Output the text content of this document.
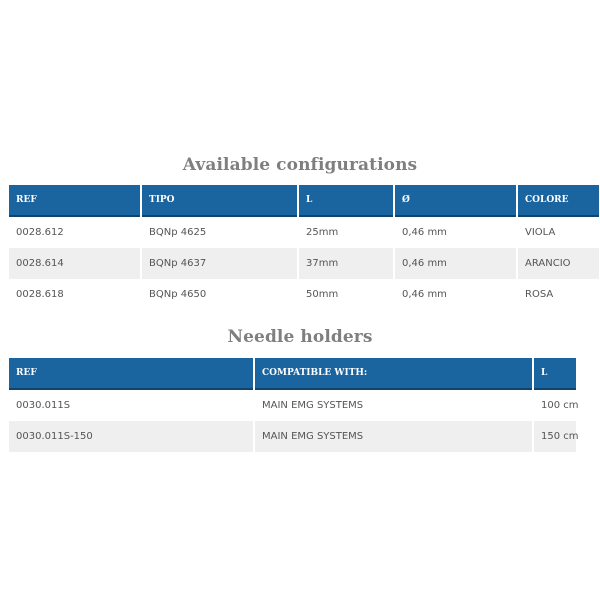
Available configurations
REF	TIPO	L	Ø	COLORE
0028.612	BQNp 4625	25mm	0,46 mm	VIOLA
0028.614	BQNp 4637	37mm	0,46 mm	ARANCIO
0028.618	BQNp 4650	50mm	0,46 mm	ROSA
Needle holders
REF	COMPATIBLE WITH:	L
0030.011S	MAIN EMG SYSTEMS	100 cm
0030.011S-150	MAIN EMG SYSTEMS	150 cm
